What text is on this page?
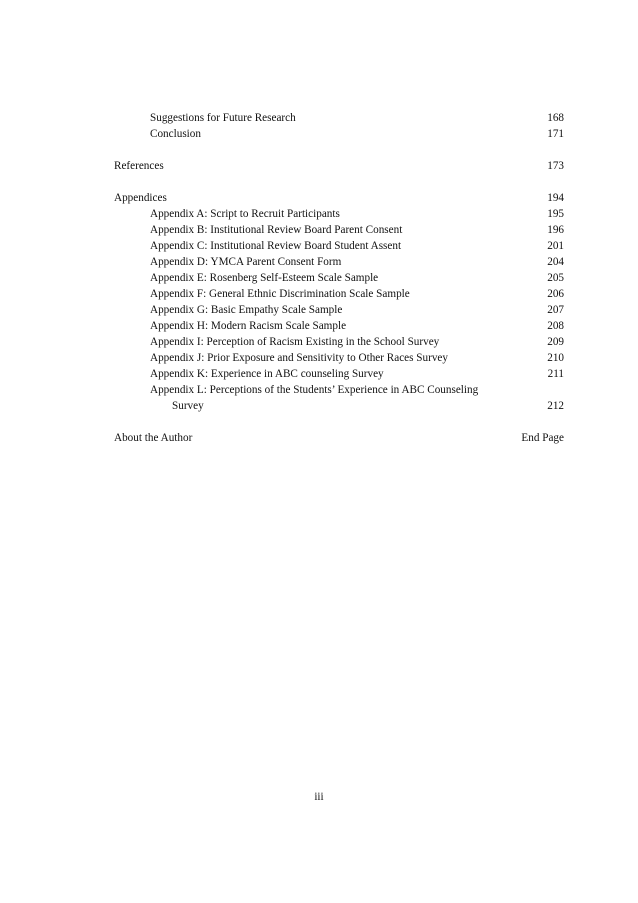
Suggestions for Future Research	168
Conclusion	171
References	173
Appendices	194
Appendix A: Script to Recruit Participants	195
Appendix B: Institutional Review Board Parent Consent	196
Appendix C: Institutional Review Board Student Assent	201
Appendix D: YMCA Parent Consent Form	204
Appendix E: Rosenberg Self-Esteem Scale Sample	205
Appendix F: General Ethnic Discrimination Scale Sample	206
Appendix G: Basic Empathy Scale Sample	207
Appendix H: Modern Racism Scale Sample	208
Appendix I: Perception of Racism Existing in the School Survey	209
Appendix J: Prior Exposure and Sensitivity to Other Races Survey	210
Appendix K: Experience in ABC counseling Survey	211
Appendix L: Perceptions of the Students’ Experience in ABC Counseling
Survey	212
About the Author	End Page
iii
